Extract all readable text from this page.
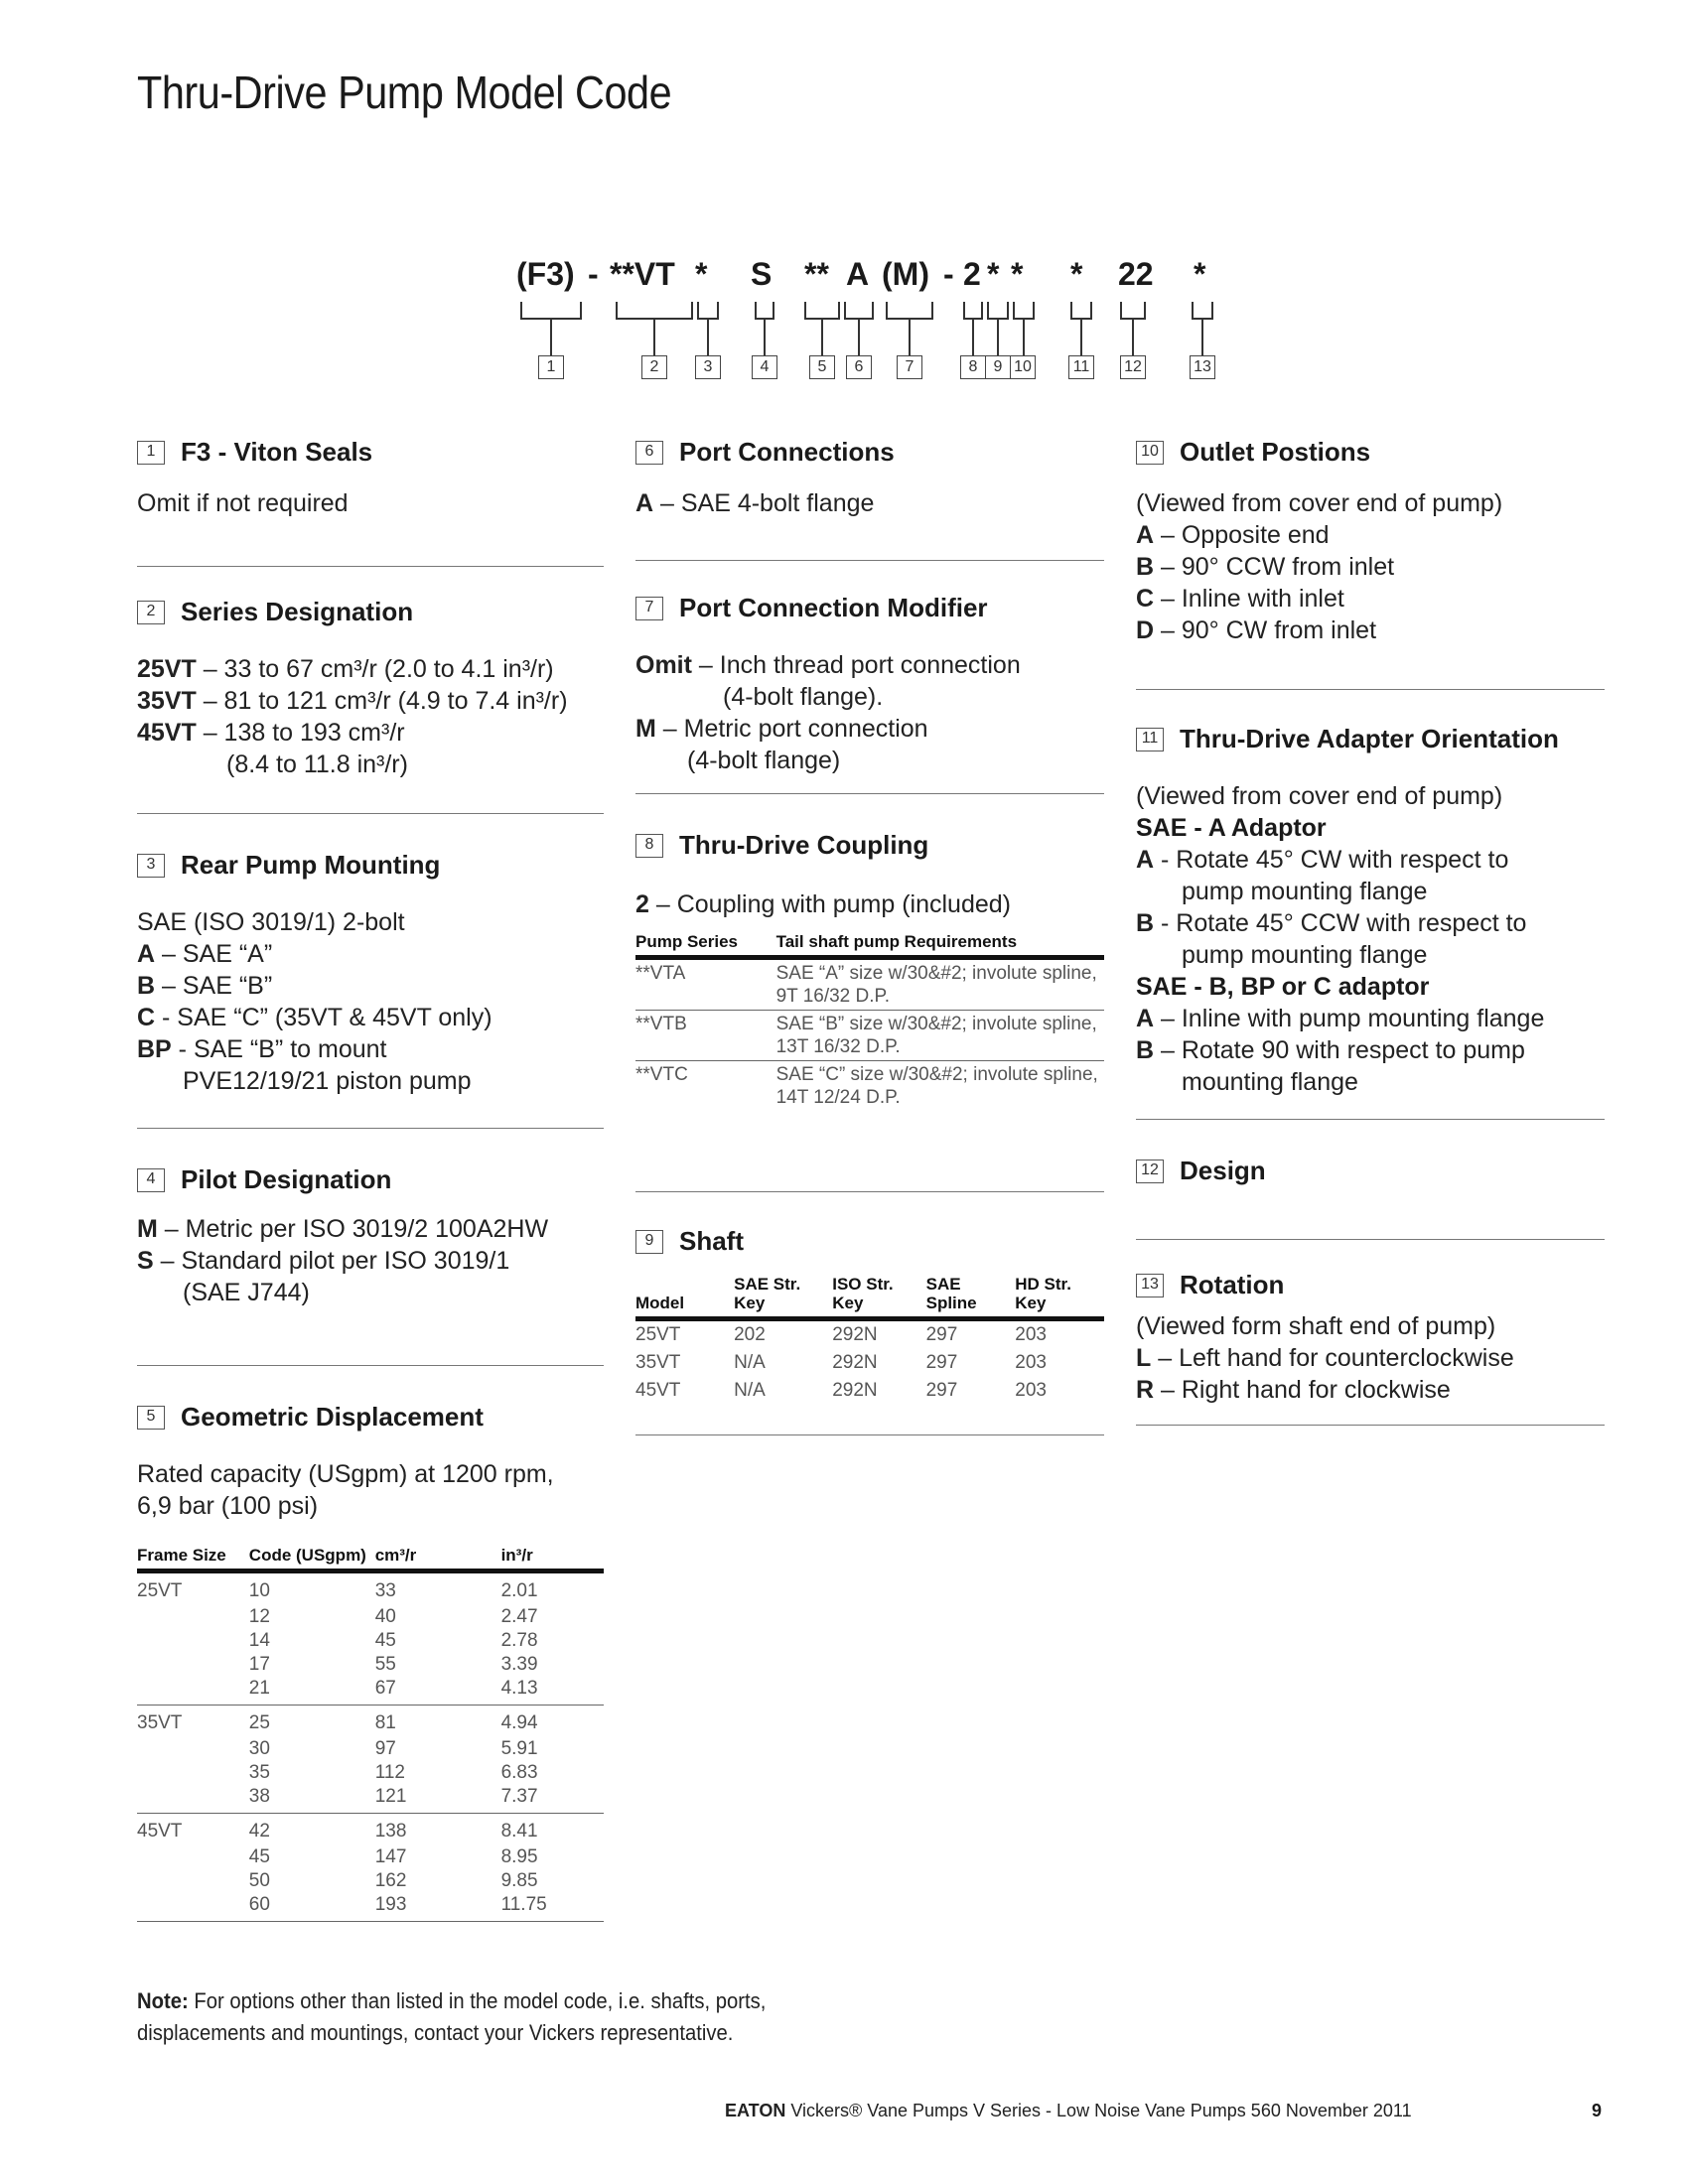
Thru-Drive Pump Model Code
(F3) - **VT * S ** A (M) - 2 * * * 22 *
1	2	3	4	5	6	7	8	9 10	11 12	13
1 F3 - Viton Seals
Omit if not required
2 Series Designation
25VT – 33 to 67 cm³/r (2.0 to 4.1 in³/r)
35VT – 81 to 121 cm³/r (4.9 to 7.4 in³/r)
45VT – 138 to 193 cm³/r
(8.4 to 11.8 in³/r)
3 Rear Pump Mounting
SAE (ISO 3019/1) 2-bolt
A – SAE “A”
B – SAE “B”
C - SAE “C” (35VT & 45VT only)
BP - SAE “B” to mount
PVE12/19/21 piston pump
4 Pilot Designation
M – Metric per ISO 3019/2 100A2HW
S – Standard pilot per ISO 3019/1
(SAE J744)
5 Geometric Displacement
Rated capacity (USgpm) at 1200 rpm,
6,9 bar (100 psi)
Frame Size	Code (USgpm)	cm³/r	in³/r
25VT	10	33	2.01
	12	40	2.47
	14	45	2.78
	17	55	3.39
	21	67	4.13
35VT	25	81	4.94
	30	97	5.91
	35	112	6.83
	38	121	7.37
45VT	42	138	8.41
	45	147	8.95
	50	162	9.85
	60	193	11.75
6 Port Connections
A – SAE 4-bolt flange
7 Port Connection Modifier
Omit – Inch thread port connection
(4-bolt flange).
M – Metric port connection
(4-bolt flange)
8 Thru-Drive Coupling
2 – Coupling with pump (included)
Pump Series	Tail shaft pump Requirements
**VTA	SAE “A” size w/30&#2; involute spline, 9T 16/32 D.P.
**VTB	SAE “B” size w/30&#2; involute spline, 13T 16/32 D.P.
**VTC	SAE “C” size w/30&#2; involute spline, 14T 12/24 D.P.
9 Shaft
Model	SAE Str. Key	ISO Str. Key	SAE Spline	HD Str. Key
25VT	202	292N	297	203
35VT	N/A	292N	297	203
45VT	N/A	292N	297	203
10 Outlet Postions
(Viewed from cover end of pump)
A – Opposite end
B – 90° CCW from inlet
C – Inline with inlet
D – 90° CW from inlet
11 Thru-Drive Adapter Orientation
(Viewed from cover end of pump)
SAE - A Adaptor
A - Rotate 45° CW with respect to
pump mounting flange
B - Rotate 45° CCW with respect to
pump mounting flange
SAE - B, BP or C adaptor
A – Inline with pump mounting flange
B – Rotate 90 with respect to pump
mounting flange
12 Design
13 Rotation
(Viewed form shaft end of pump)
L – Left hand for counterclockwise
R – Right hand for clockwise
Note: For options other than listed in the model code, i.e. shafts, ports, displacements and mountings, contact your Vickers representative.
EATON Vickers® Vane Pumps V Series - Low Noise Vane Pumps 560 November 2011	9
